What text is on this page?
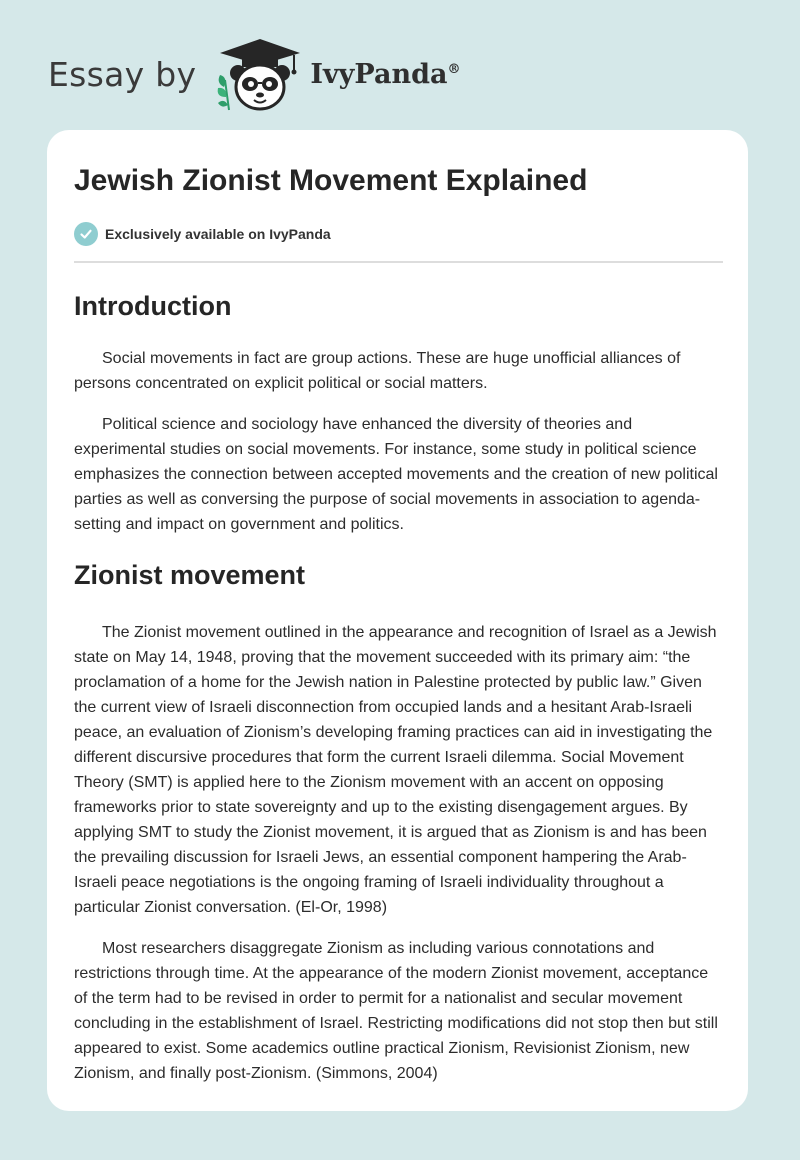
Essay by	IvyPanda®
Jewish Zionist Movement Explained
Exclusively available on IvyPanda
Introduction

Social movements in fact are group actions. These are huge unofficial alliances of persons concentrated on explicit political or social matters.

Political science and sociology have enhanced the diversity of theories and experimental studies on social movements. For instance, some study in political science emphasizes the connection between accepted movements and the creation of new political parties as well as conversing the purpose of social movements in association to agenda-setting and impact on government and politics.

Zionist movement

The Zionist movement outlined in the appearance and recognition of Israel as a Jewish state on May 14, 1948, proving that the movement succeeded with its primary aim: “the proclamation of a home for the Jewish nation in Palestine protected by public law.” Given the current view of Israeli disconnection from occupied lands and a hesitant Arab-Israeli peace, an evaluation of Zionism’s developing framing practices can aid in investigating the different discursive procedures that form the current Israeli dilemma. Social Movement Theory (SMT) is applied here to the Zionism movement with an accent on opposing frameworks prior to state sovereignty and up to the existing disengagement argues. By applying SMT to study the Zionist movement, it is argued that as Zionism is and has been the prevailing discussion for Israeli Jews, an essential component hampering the Arab-Israeli peace negotiations is the ongoing framing of Israeli individuality throughout a particular Zionist conversation. (El-Or, 1998)

Most researchers disaggregate Zionism as including various connotations and restrictions through time. At the appearance of the modern Zionist movement, acceptance of the term had to be revised in order to permit for a nationalist and secular movement concluding in the establishment of Israel. Restricting modifications did not stop then but still appeared to exist. Some academics outline practical Zionism, Revisionist Zionism, new Zionism, and finally post-Zionism. (Simmons, 2004)
